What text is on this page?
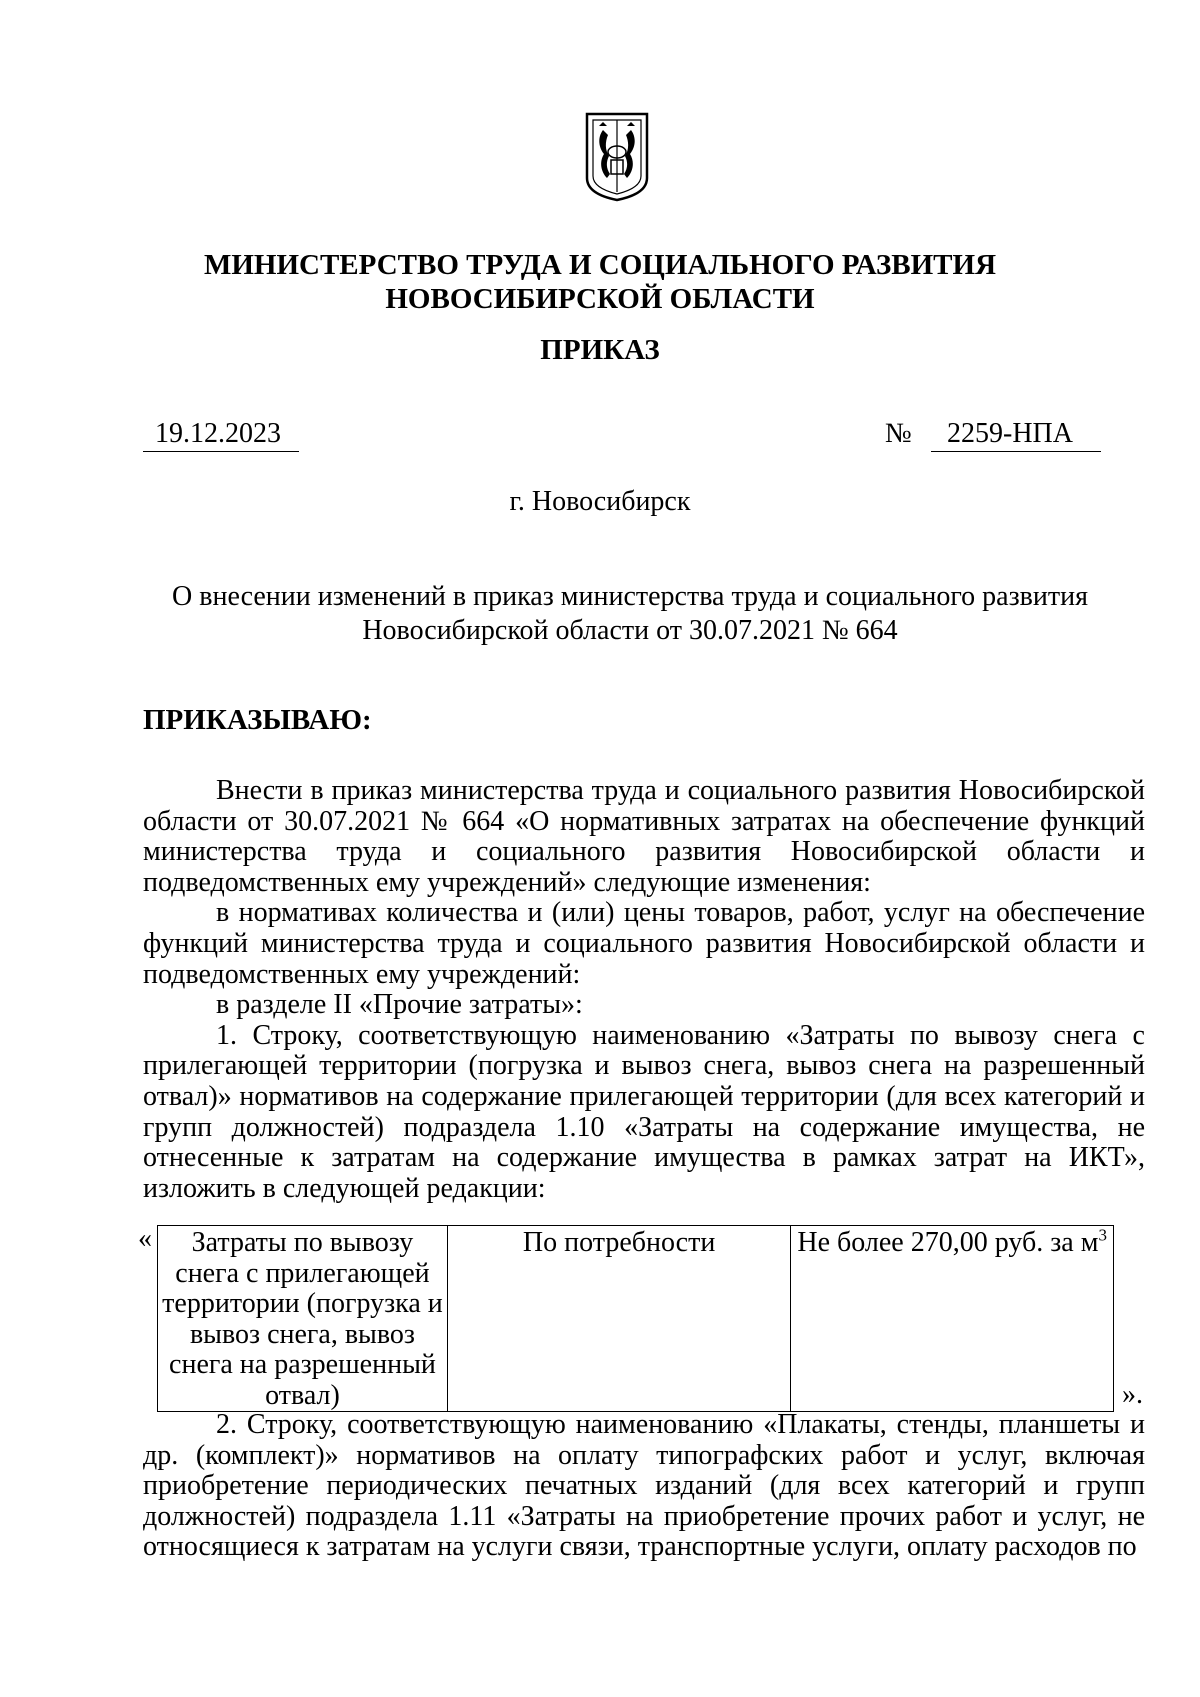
МИНИСТЕРСТВО ТРУДА И СОЦИАЛЬНОГО РАЗВИТИЯ
НОВОСИБИРСКОЙ ОБЛАСТИ
ПРИКАЗ
19.12.2023	№	2259-НПА
г. Новосибирск
О внесении изменений в приказ министерства труда и социального развития
Новосибирской области от 30.07.2021 № 664
ПРИКАЗЫВАЮ:

Внести в приказ министерства труда и социального развития Новосибирской области от 30.07.2021 № 664 «О нормативных затратах на обеспечение функций министерства труда и социального развития Новосибирской области и подведомственных ему учреждений» следующие изменения:

в нормативах количества и (или) цены товаров, работ, услуг на обеспечение функций министерства труда и социального развития Новосибирской области и подведомственных ему учреждений:

в разделе II «Прочие затраты»:

1. Строку, соответствующую наименованию «Затраты по вывозу снега с прилегающей территории (погрузка и вывоз снега, вывоз снега на разрешенный отвал)» нормативов на содержание прилегающей территории (для всех категорий и групп должностей) подраздела 1.10 «Затраты на содержание имущества, не отнесенные к затратам на содержание имущества в рамках затрат на ИКТ», изложить в следующей редакции:

« Затраты по вывозу снега с прилегающей территории (погрузка и вывоз снега, вывоз снега на разрешенный отвал)	По потребности	Не более 270,00 руб. за $м^3$
».

2. Строку, соответствующую наименованию «Плакаты, стенды, планшеты и др. (комплект)» нормативов на оплату типографских работ и услуг, включая приобретение периодических печатных изданий (для всех категорий и групп должностей) подраздела 1.11 «Затраты на приобретение прочих работ и услуг, не относящиеся к затратам на услуги связи, транспортные услуги, оплату расходов по
